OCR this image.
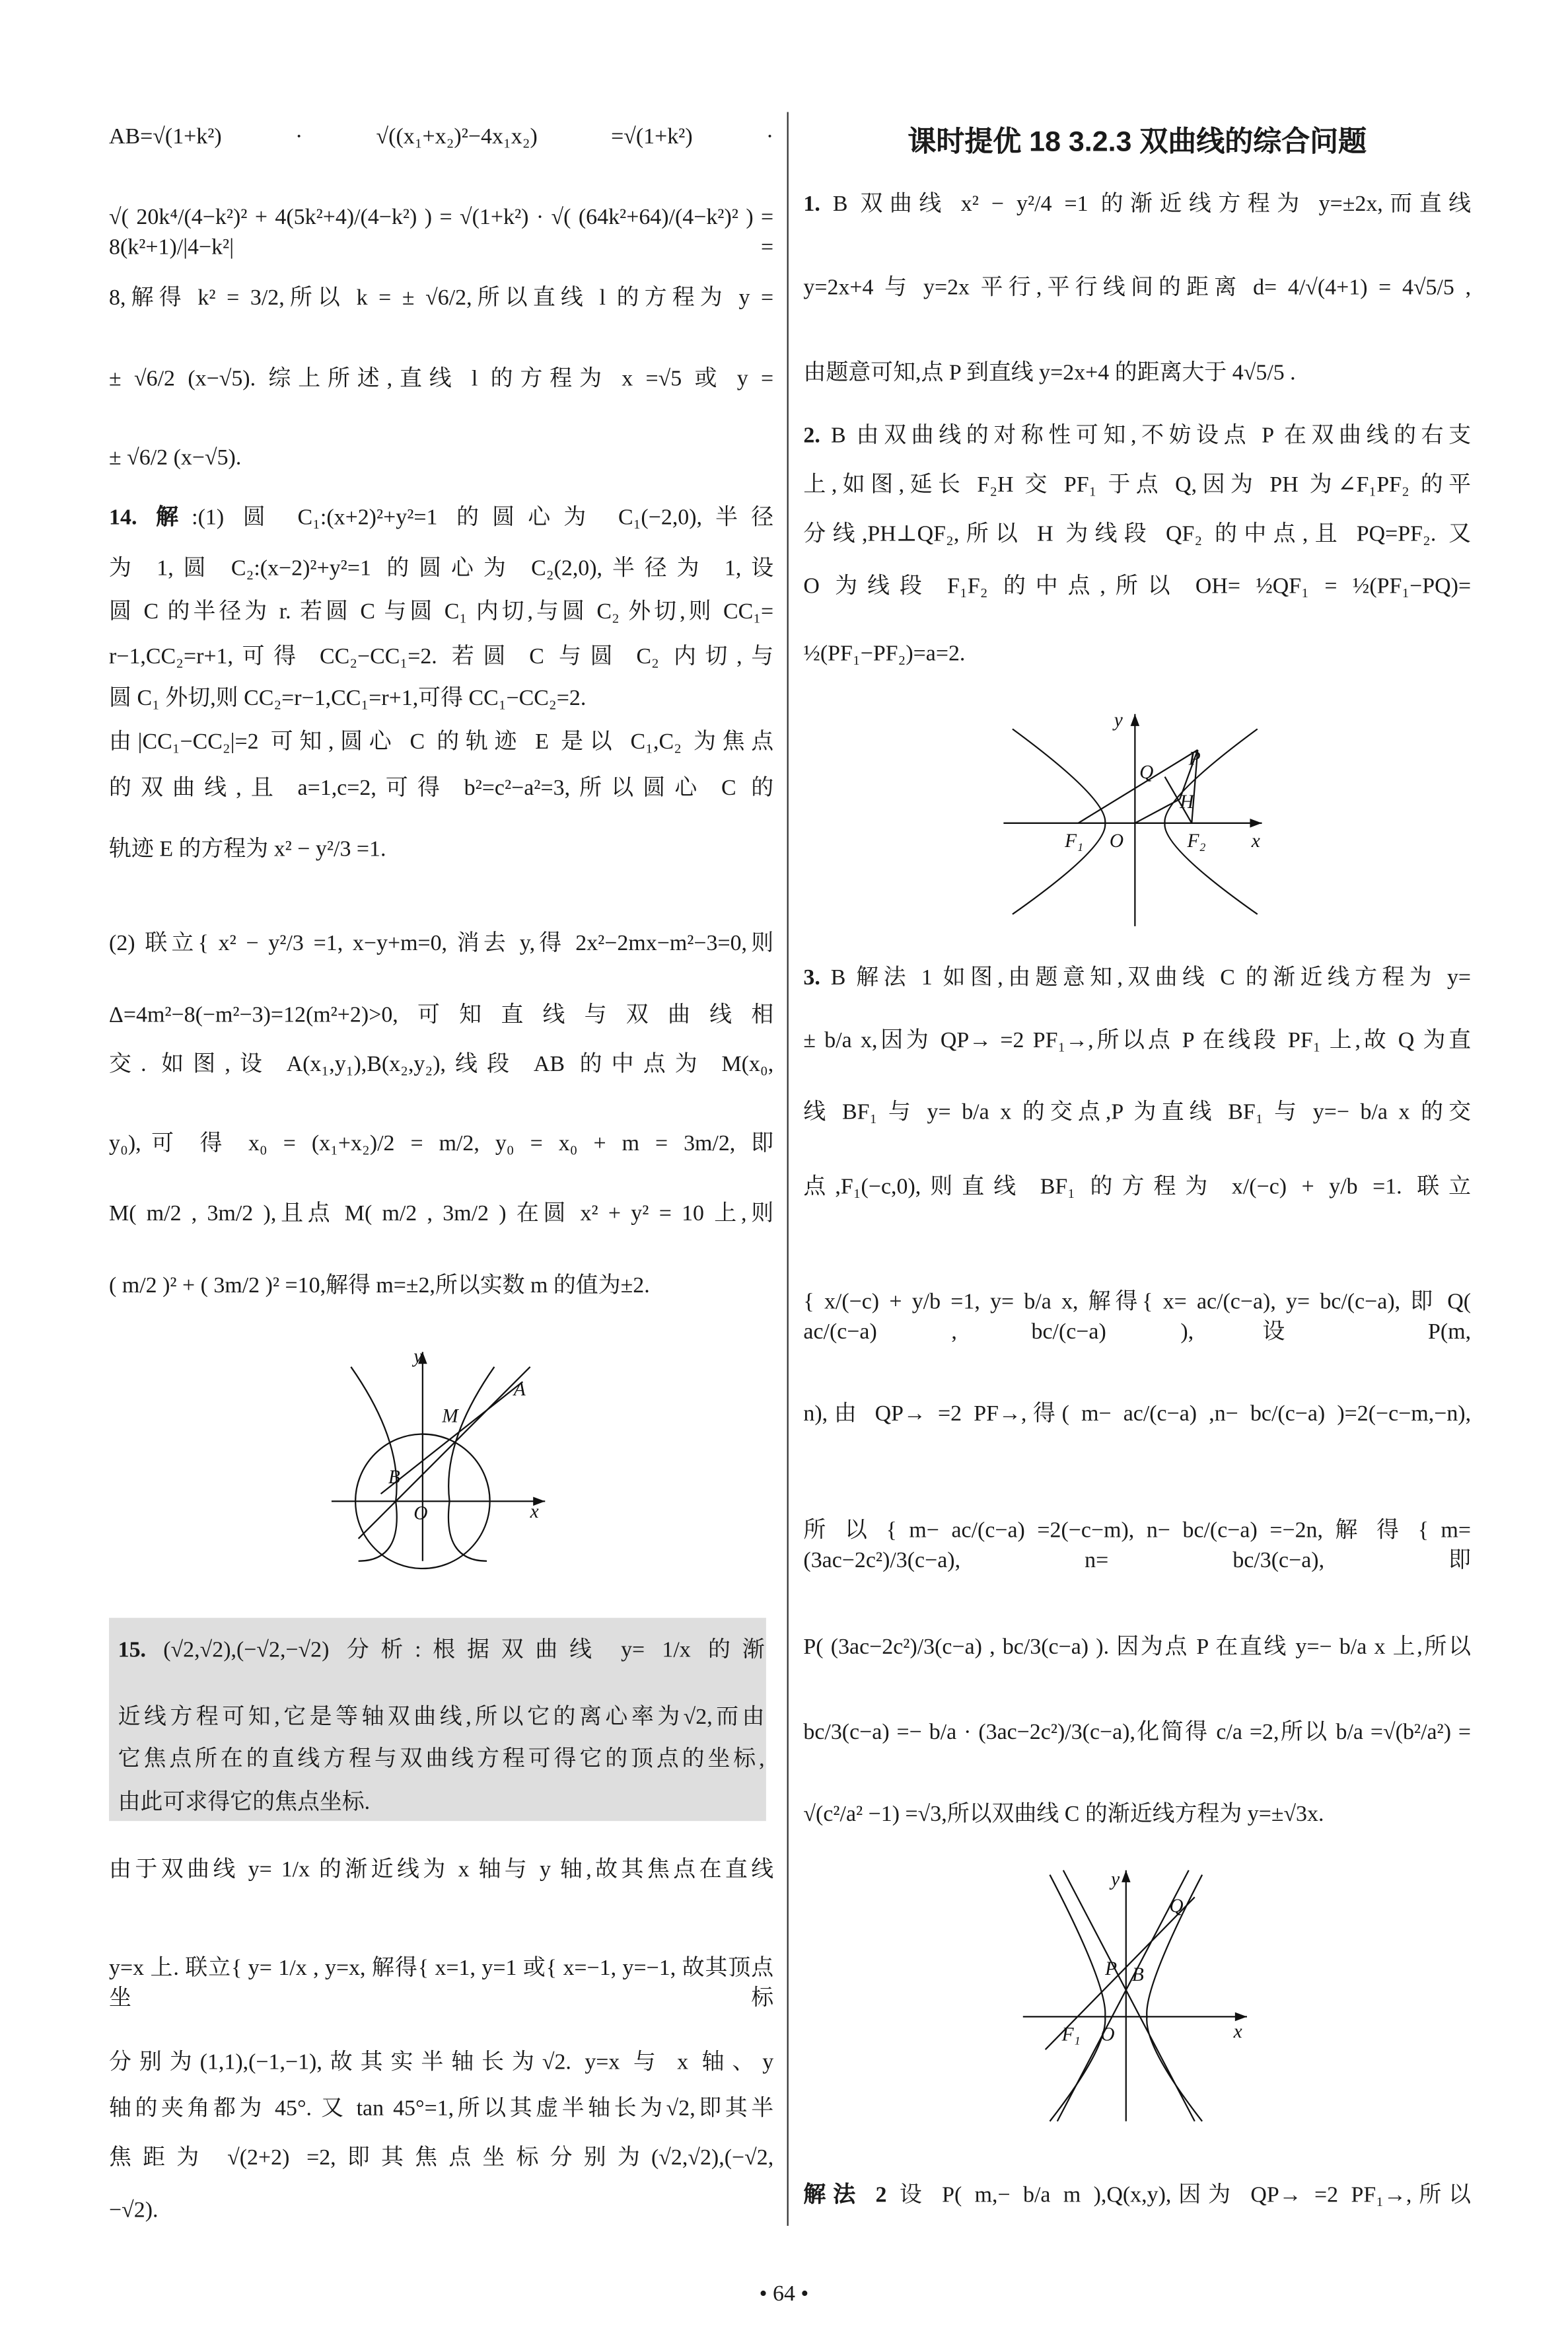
课时提优 18 3.2.3 双曲线的综合问题
AB=√(1+k²) · √((x₁+x₂)²−4x₁x₂) =√(1+k²) ·
√( 20k⁴/(4−k²)² + 4(5k²+4)/(4−k²) ) = √(1+k²) · √( (64k²+64)/(4−k²)² ) = 8(k²+1)/|4−k²| =
8,解得 k² = 3/2,所以 k = ± √6/2,所以直线 l 的方程为 y =
± √6/2 (x−√5). 综上所述,直线 l 的方程为 x =√5 或 y =
± √6/2 (x−√5).
14. 解:(1) 圆 C₁:(x+2)²+y²=1 的圆心为 C₁(−2,0),半径
为 1,圆 C₂:(x−2)²+y²=1 的圆心为 C₂(2,0),半径为 1,设
圆 C 的半径为 r. 若圆 C 与圆 C₁ 内切,与圆 C₂ 外切,则 CC₁=
r−1,CC₂=r+1,可得 CC₂−CC₁=2. 若圆 C 与圆 C₂ 内切,与
圆 C₁ 外切,则 CC₂=r−1,CC₁=r+1,可得 CC₁−CC₂=2.
由|CC₁−CC₂|=2 可知,圆心 C 的轨迹 E 是以 C₁,C₂ 为焦点
的双曲线,且 a=1,c=2,可得 b²=c²−a²=3,所以圆心 C 的
轨迹 E 的方程为 x² − y²/3 =1.
(2) 联立{ x² − y²/3 =1, x−y+m=0, 消去 y,得 2x²−2mx−m²−3=0,则
Δ=4m²−8(−m²−3)=12(m²+2)>0,可知直线与双曲线相
交. 如图,设 A(x₁,y₁),B(x₂,y₂),线段 AB 的中点为 M(x₀,
y₀),可 得 x₀ = (x₁+x₂)/2 = m/2, y₀ = x₀ + m = 3m/2, 即
M( m/2 , 3m/2 ),且点 M( m/2 , 3m/2 ) 在圆 x² + y² = 10 上,则
( m/2 )² + ( 3m/2 )² =10,解得 m=±2,所以实数 m 的值为±2.
15. (√2,√2),(−√2,−√2) 分析:根据双曲线 y= 1/x 的渐
近线方程可知,它是等轴双曲线,所以它的离心率为√2,而由
它焦点所在的直线方程与双曲线方程可得它的顶点的坐标,
由此可求得它的焦点坐标.
由于双曲线 y= 1/x 的渐近线为 x 轴与 y 轴,故其焦点在直线
y=x 上. 联立{ y= 1/x , y=x, 解得{ x=1, y=1 或{ x=−1, y=−1, 故其顶点坐标
分别为(1,1),(−1,−1),故其实半轴长为√2. y=x 与 x 轴、y
轴的夹角都为 45°. 又 tan 45°=1,所以其虚半轴长为√2,即其半
焦距为 √(2+2) =2,即其焦点坐标分别为(√2,√2),(−√2,
−√2).
1. B 双曲线 x² − y²/4 =1 的渐近线方程为 y=±2x,而直线
y=2x+4 与 y=2x 平行,平行线间的距离 d= 4/√(4+1) = 4√5/5 ,
由题意可知,点 P 到直线 y=2x+4 的距离大于 4√5/5 .
2. B 由双曲线的对称性可知,不妨设点 P 在双曲线的右支
上,如图,延长 F₂H 交 PF₁ 于点 Q,因为 PH 为∠F₁PF₂ 的平
分线,PH⊥QF₂,所以 H 为线段 QF₂ 的中点,且 PQ=PF₂. 又
O 为线段 F₁F₂ 的中点,所以 OH= ½QF₁ = ½(PF₁−PQ)=
½(PF₁−PF₂)=a=2.
3. B 解法 1 如图,由题意知,双曲线 C 的渐近线方程为 y=
± b/a x,因为 QP→ =2 PF₁→,所以点 P 在线段 PF₁ 上,故 Q 为直
线 BF₁ 与 y= b/a x 的交点,P 为直线 BF₁ 与 y=− b/a x 的交
点,F₁(−c,0),则直线 BF₁ 的方程为 x/(−c) + y/b =1. 联立
{ x/(−c) + y/b =1, y= b/a x, 解得{ x= ac/(c−a), y= bc/(c−a), 即 Q( ac/(c−a) , bc/(c−a) ),设 P(m,
n),由 QP→ =2 PF→,得( m− ac/(c−a) ,n− bc/(c−a) )=2(−c−m,−n),
所 以 { m− ac/(c−a) =2(−c−m), n− bc/(c−a) =−2n, 解 得 { m= (3ac−2c²)/3(c−a), n= bc/3(c−a), 即
P( (3ac−2c²)/3(c−a) , bc/3(c−a) ). 因为点 P 在直线 y=− b/a x 上,所以
bc/3(c−a) =− b/a · (3ac−2c²)/3(c−a),化简得 c/a =2,所以 b/a =√(b²/a²) =
√(c²/a² −1) =√3,所以双曲线 C 的渐近线方程为 y=±√3x.
解法 2 设 P( m,− b/a m ),Q(x,y),因为 QP→ =2 PF₁→,所以
y
M
A
B
O	x
y
Q
P
H
F₁	O	F₂	x
y
Q
P B
F₁ O	x
• 64 •
